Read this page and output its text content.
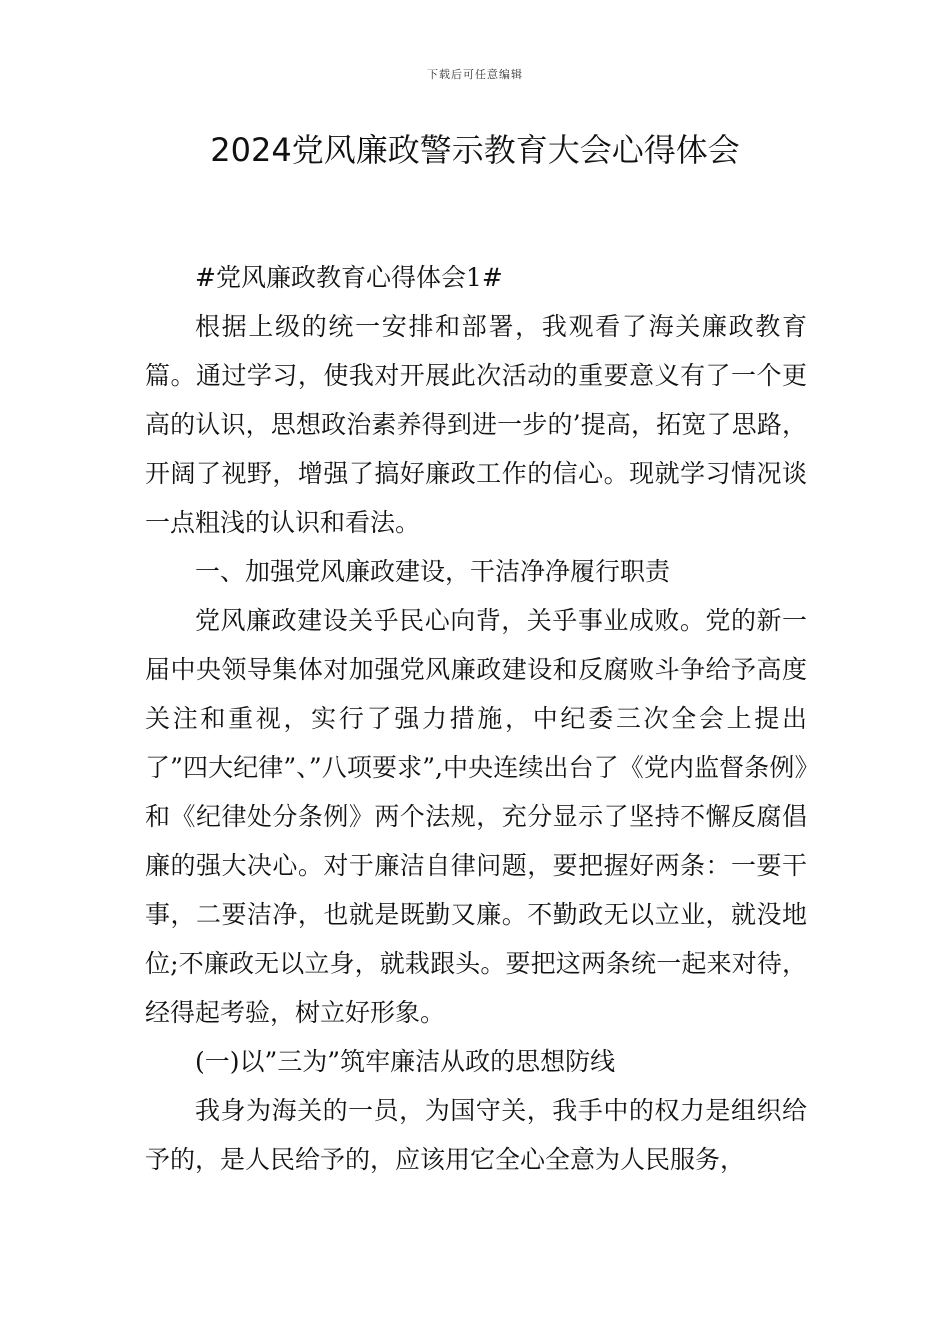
下载后可任意编辑
2024党风廉政警示教育大会心得体会

#党风廉政教育心得体会1#

根据上级的统一安排和部署，我观看了海关廉政教育篇。通过学习，使我对开展此次活动的重要意义有了一个更高的认识，思想政治素养得到进一步的’提高，拓宽了思路，开阔了视野，增强了搞好廉政工作的信心。现就学习情况谈一点粗浅的认识和看法。

一、加强党风廉政建设，干洁净净履行职责

党风廉政建设关乎民心向背，关乎事业成败。党的新一届中央领导集体对加强党风廉政建设和反腐败斗争给予高度关注和重视，实行了强力措施，中纪委三次全会上提出了”四大纪律”、”八项要求”,中央连续出台了《党内监督条例》和《纪律处分条例》两个法规，充分显示了坚持不懈反腐倡廉的强大决心。对于廉洁自律问题，要把握好两条：一要干事，二要洁净，也就是既勤又廉。不勤政无以立业，就没地位;不廉政无以立身，就栽跟头。要把这两条统一起来对待，经得起考验，树立好形象。

(一)以”三为”筑牢廉洁从政的思想防线

我身为海关的一员，为国守关，我手中的权力是组织给予的，是人民给予的，应该用它全心全意为人民服务，
